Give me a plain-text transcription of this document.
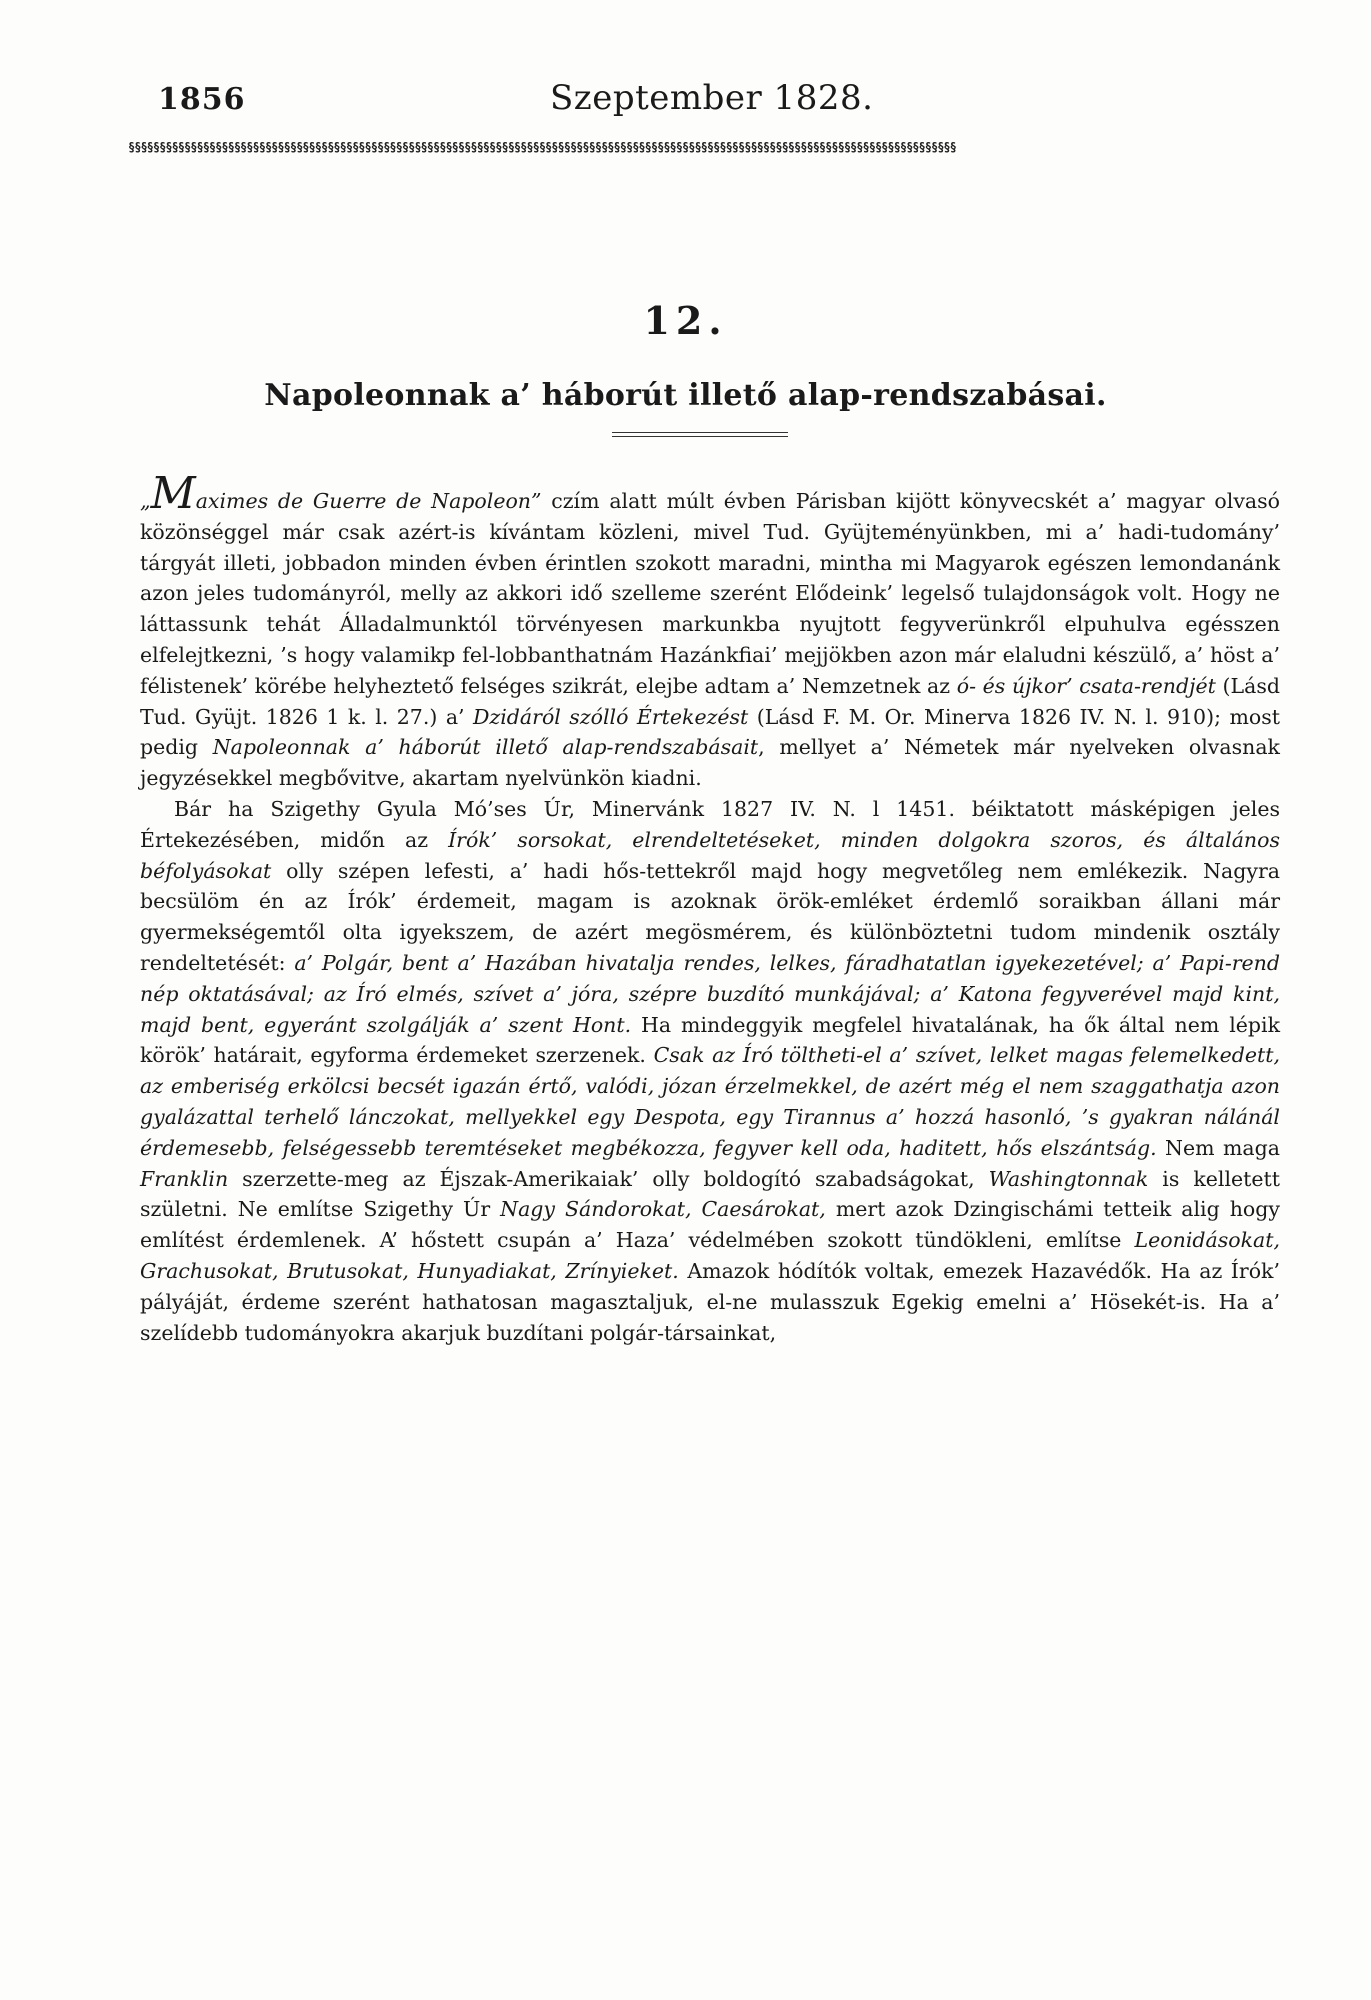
1856	Szeptember 1828.
§§§§§§§§§§§§§§§§§§§§§§§§§§§§§§§§§§§§§§§§§§§§§§§§§§§§§§§§§§§§§§§§§§§§§§§§§§§§§§§§§§§§§§§§§§§§§§§§§§§§§§§§§§§§§§§§§§§§§§§§§§§§§§§§§§§§§
12.
Napoleonnak a’ háborút illető alap-rendszabásai.

„Maximes de Guerre de Napoleon” czím alatt múlt évben Párisban kijött könyvecskét a’ magyar olvasó közönséggel már csak azért-is kívántam közleni, mivel Tud. Gyüjteményünkben, mi a’ hadi-tudomány’ tárgyát illeti, jobbadon minden évben érintlen szokott maradni, mintha mi Magyarok egészen lemondanánk azon jeles tudományról, melly az akkori idő szelleme szerént Elődeink’ legelső tulajdonságok volt. Hogy ne láttassunk tehát Álladalmunktól törvényesen markunkba nyujtott fegyverünkről elpuhulva egésszen elfelejtkezni, ’s hogy valamikp fel-lobbanthatnám Hazánkfiai’ mejjökben azon már elaludni készülő, a’ höst a’ félistenek’ körébe helyheztető felséges szikrát, elejbe adtam a’ Nemzetnek az ó- és újkor’ csata-rendjét (Lásd Tud. Gyüjt. 1826 1 k. l. 27.) a’ Dzidáról szólló Értekezést (Lásd F. M. Or. Minerva 1826 IV. N. l. 910); most pedig Napoleonnak a’ háborút illető alap-rendszabásait, mellyet a’ Németek már nyelveken olvasnak jegyzésekkel megbővitve, akartam nyelvünkön kiadni.

Bár ha Szigethy Gyula Mó’ses Úr, Minervánk 1827 IV. N. l 1451. béiktatott másképigen jeles Értekezésében, midőn az Írók’ sorsokat, elrendeltetéseket, minden dolgokra szoros, és általános béfolyásokat olly szépen lefesti, a’ hadi hős-tettekről majd hogy megvetőleg nem emlékezik. Nagyra becsülöm én az Írók’ érdemeit, magam is azoknak örök-emléket érdemlő soraikban állani már gyermekségemtől olta igyekszem, de azért megösmérem, és különböztetni tudom mindenik osztály rendeltetését: a’ Polgár, bent a’ Hazában hivatalja rendes, lelkes, fáradhatatlan igyekezetével; a’ Papi-rend nép oktatásával; az Író elmés, szívet a’ jóra, szépre buzdító munkájával; a’ Katona fegyverével majd kint, majd bent, egyeránt szolgálják a’ szent Hont. Ha mindeggyik megfelel hivatalának, ha ők által nem lépik körök’ határait, egyforma érdemeket szerzenek. Csak az Író töltheti-el a’ szívet, lelket magas felemelkedett, az emberiség erkölcsi becsét igazán értő, valódi, józan érzelmekkel, de azért még el nem szaggathatja azon gyalázattal terhelő lánczokat, mellyekkel egy Despota, egy Tirannus a’ hozzá hasonló, ’s gyakran nálánál érdemesebb, felségessebb teremtéseket megbékozza, fegyver kell oda, haditett, hős elszántság. Nem maga Franklin szerzette-meg az Éjszak-Amerikaiak’ olly boldogító szabadságokat, Washingtonnak is kelletett születni. Ne említse Szigethy Úr Nagy Sándorokat, Caesárokat, mert azok Dzingischámi tetteik alig hogy említést érdemlenek. A’ hőstett csupán a’ Haza’ védelmében szokott tündökleni, említse Leonidásokat, Grachusokat, Brutusokat, Hunyadiakat, Zrínyieket. Amazok hódítók voltak, emezek Hazavédők. Ha az Írók’ pályáját, érdeme szerént hathatosan magasztaljuk, el-ne mulasszuk Egekig emelni a’ Hösekét-is. Ha a’ szelídebb tudományokra akarjuk buzdítani polgár-társainkat,
